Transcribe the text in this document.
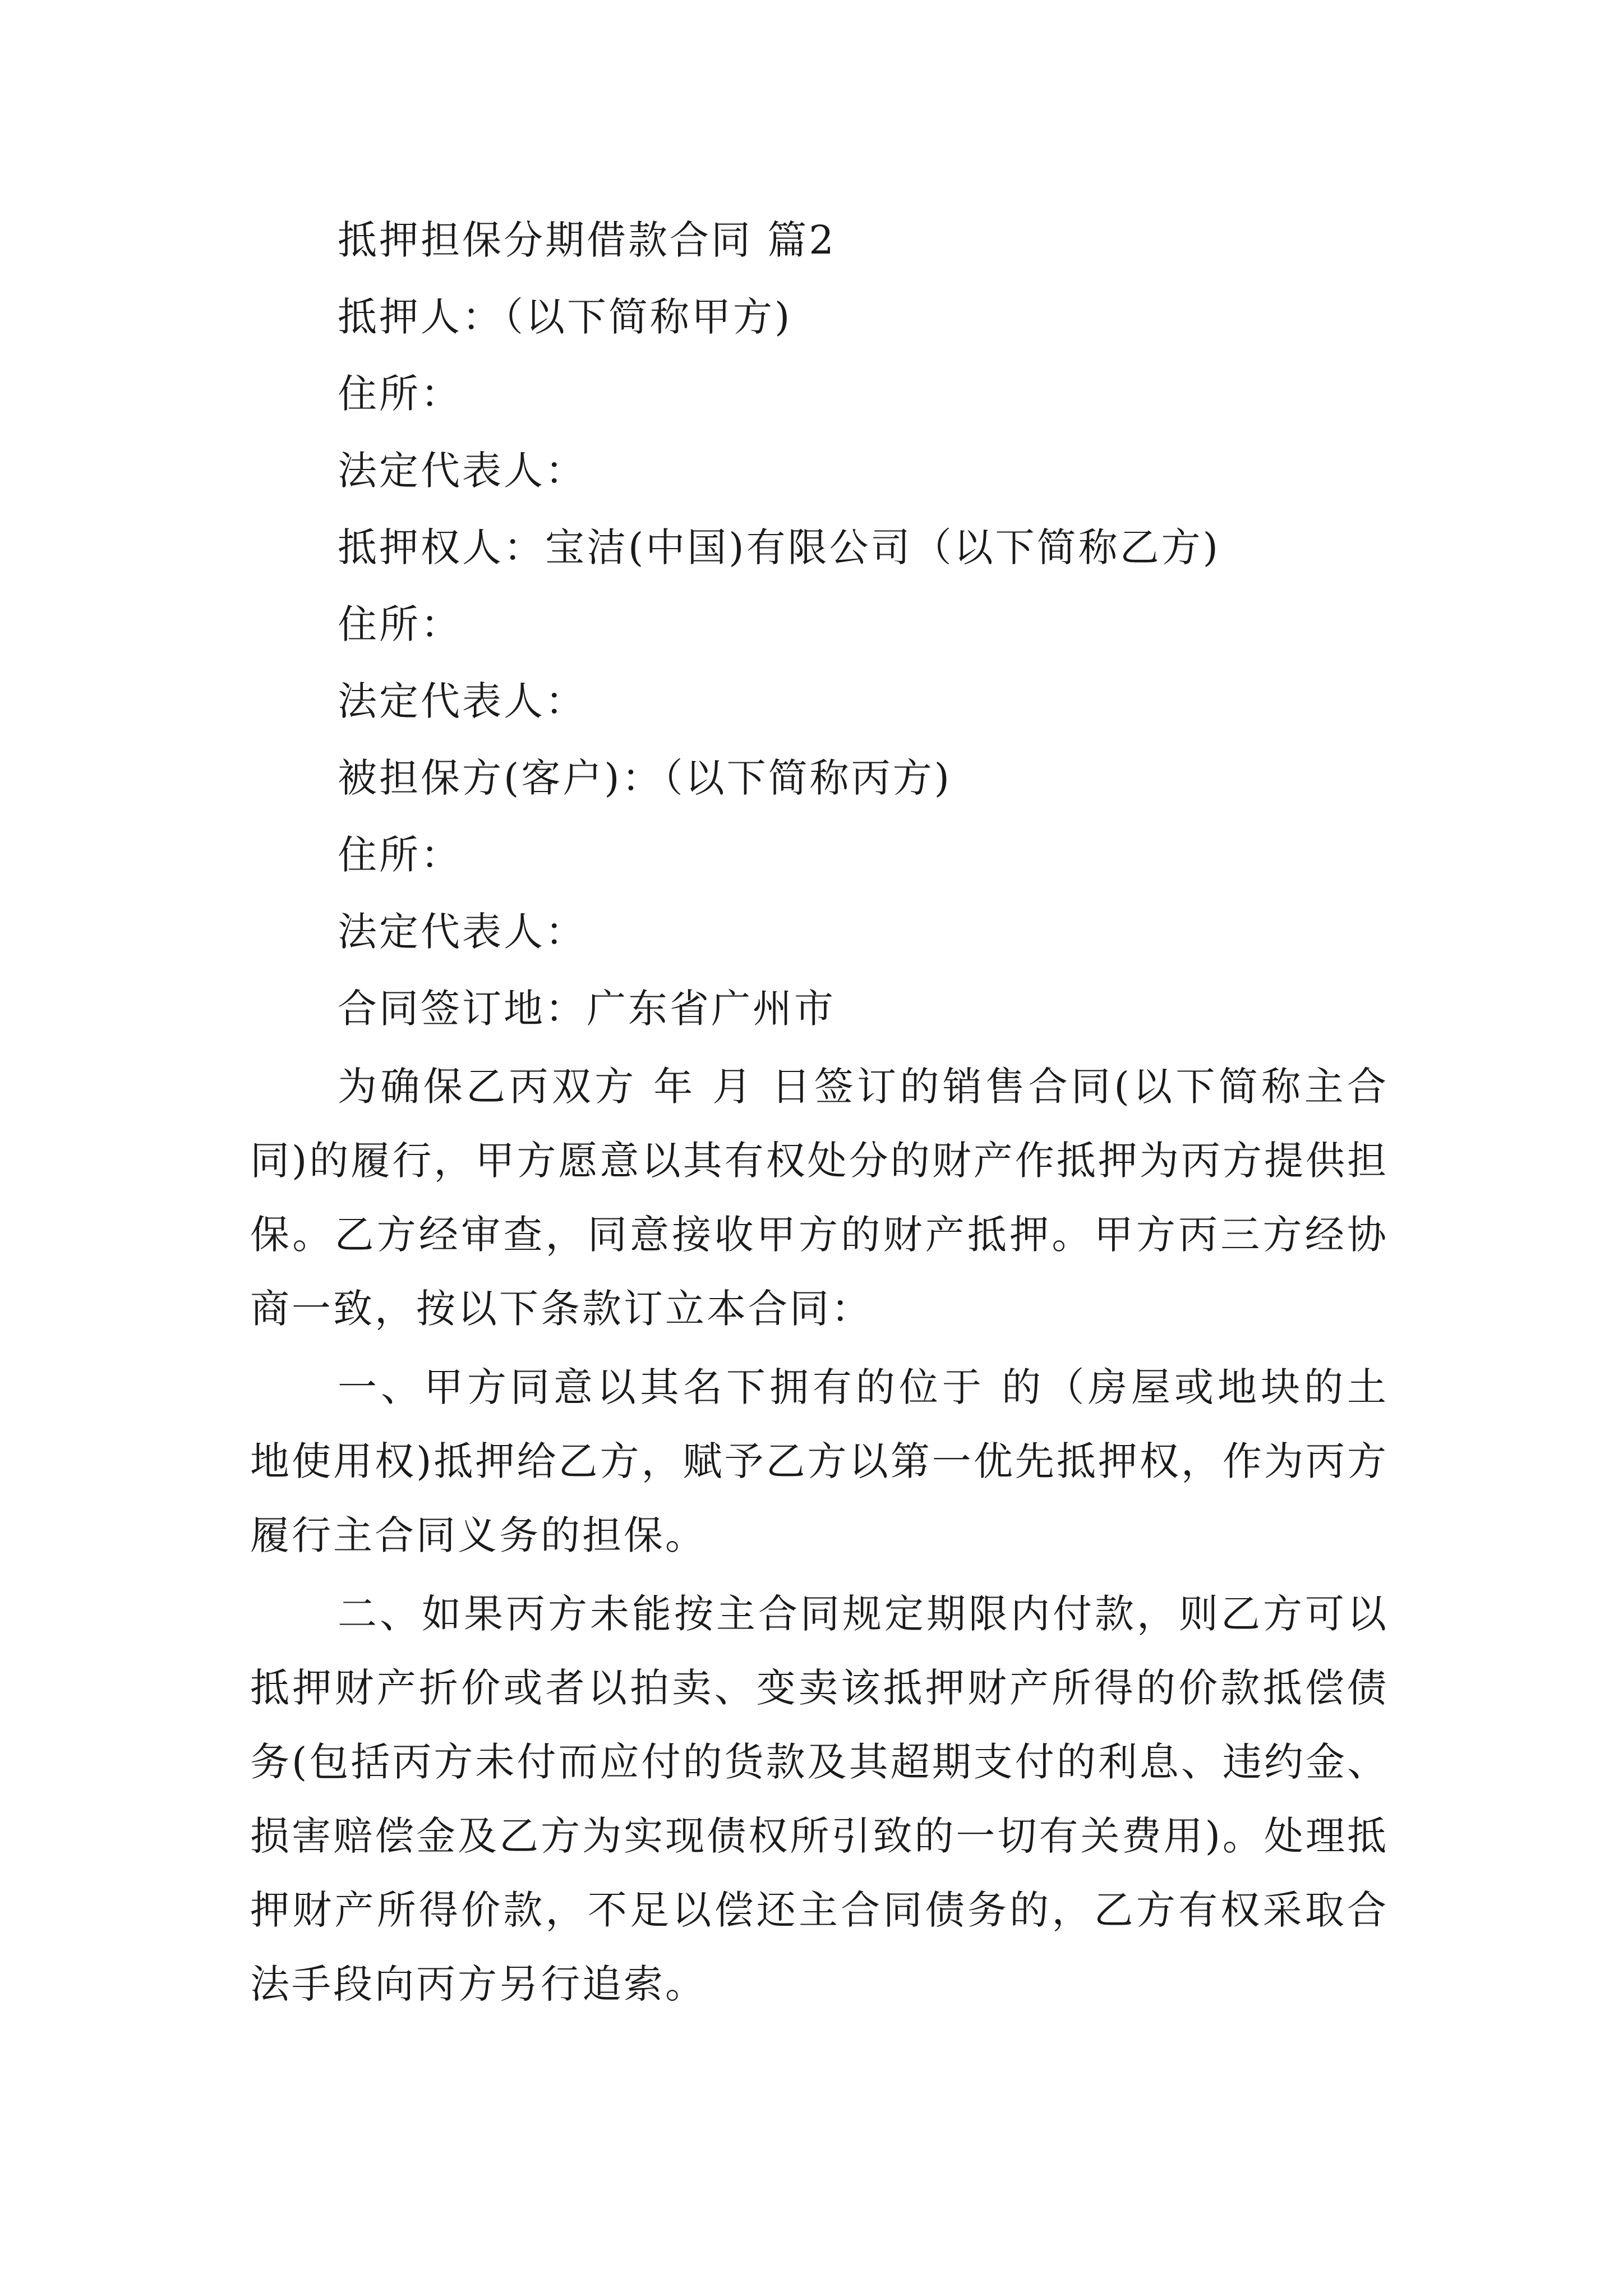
抵押担保分期借款合同 篇2
抵押人：（以下简称甲方)
住所：
法定代表人：
抵押权人：宝洁(中国)有限公司（以下简称乙方)
住所：
法定代表人：
被担保方(客户)：（以下简称丙方)
住所：
法定代表人：
合同签订地：广东省广州市

为确保乙丙双方 年 月 日签订的销售合同(以下简称主合同)的履行，甲方愿意以其有权处分的财产作抵押为丙方提供担保。乙方经审查，同意接收甲方的财产抵押。甲方丙三方经协商一致，按以下条款订立本合同：

一、甲方同意以其名下拥有的位于 的（房屋或地块的土地使用权)抵押给乙方，赋予乙方以第一优先抵押权，作为丙方履行主合同义务的担保。

二、如果丙方未能按主合同规定期限内付款，则乙方可以抵押财产折价或者以拍卖、变卖该抵押财产所得的价款抵偿债务(包括丙方未付而应付的货款及其超期支付的利息、违约金、损害赔偿金及乙方为实现债权所引致的一切有关费用)。处理抵押财产所得价款，不足以偿还主合同债务的，乙方有权采取合法手段向丙方另行追索。
